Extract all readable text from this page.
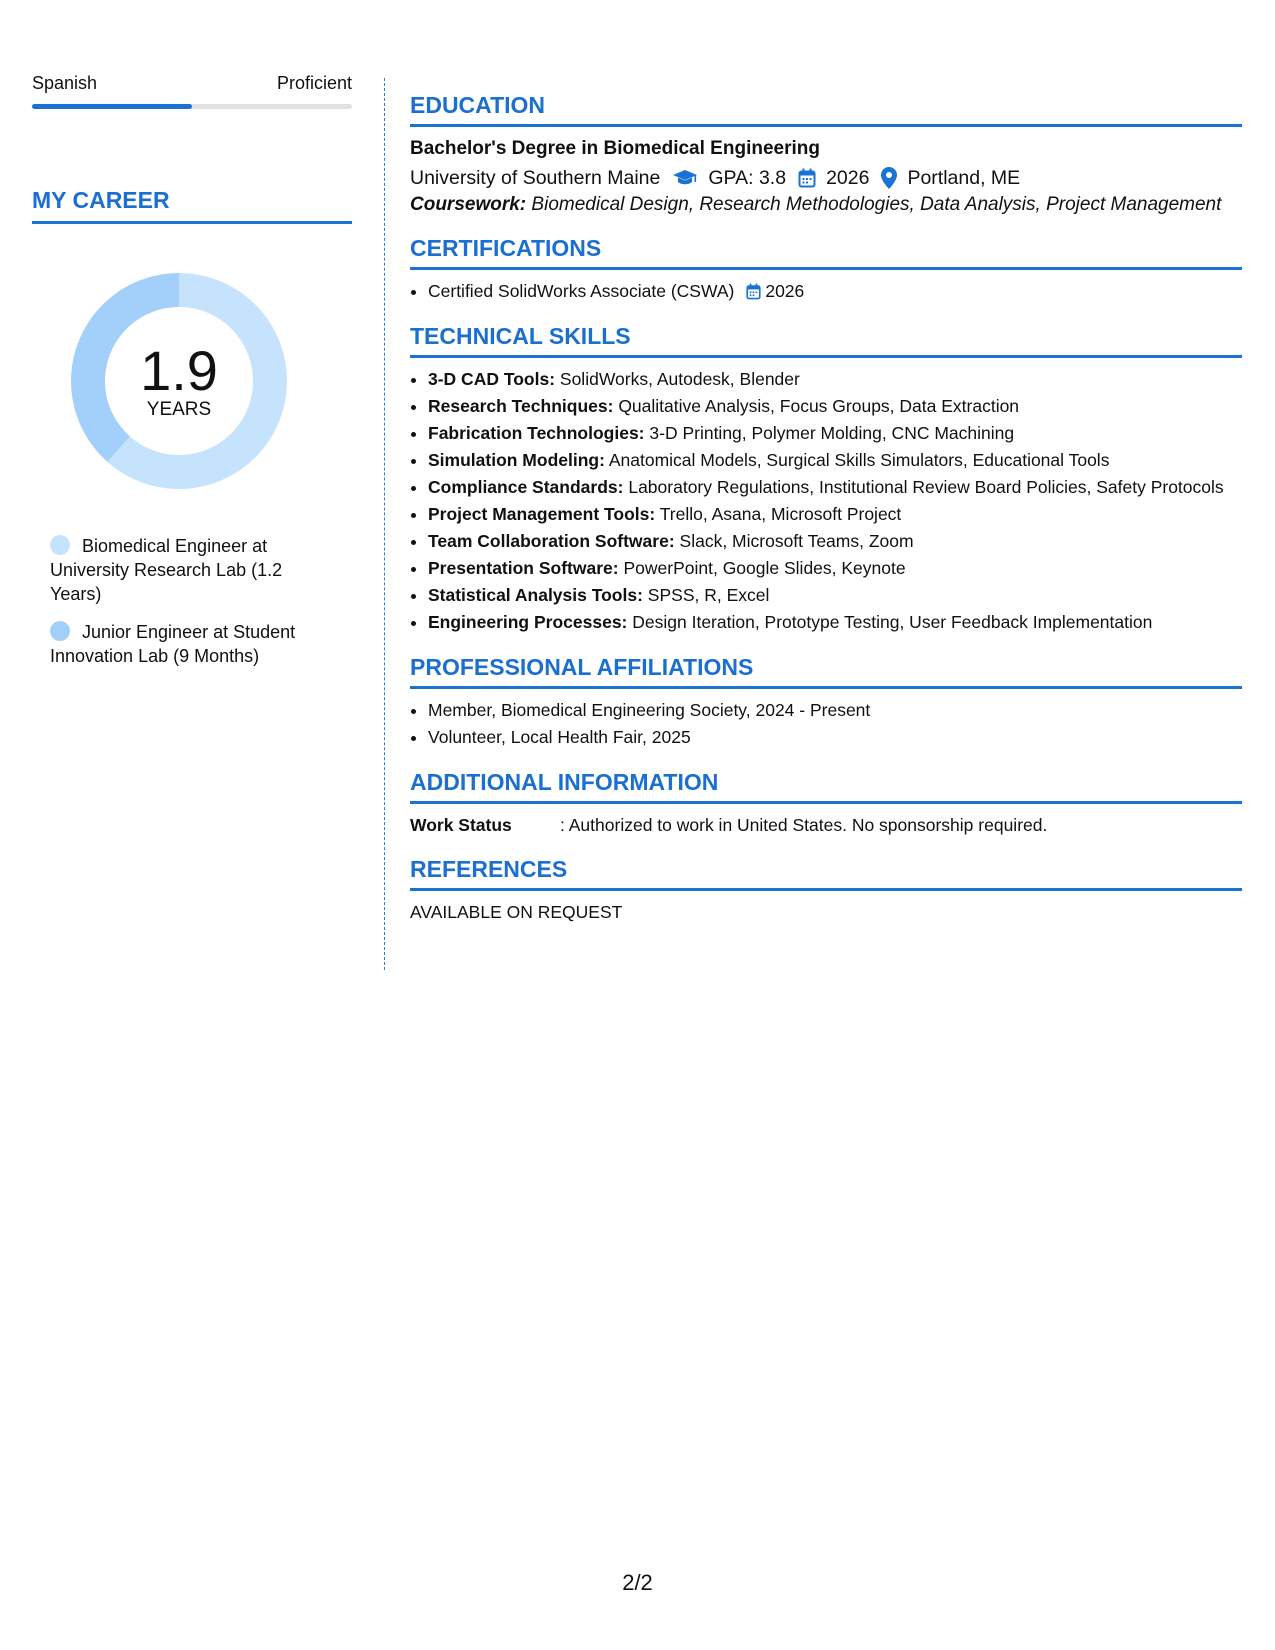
Spanish	Proficient
MY CAREER
1.9
YEARS
Biomedical Engineer at University Research Lab (1.2 Years)
Junior Engineer at Student Innovation Lab (9 Months)
EDUCATION
Bachelor's Degree in Biomedical Engineering
University of Southern Maine GPA: 3.8 2026 Portland, ME
Coursework: Biomedical Design, Research Methodologies, Data Analysis, Project Management
CERTIFICATIONS
• Certified SolidWorks Associate (CSWA) 2026
TECHNICAL SKILLS
• 3-D CAD Tools: SolidWorks, Autodesk, Blender
• Research Techniques: Qualitative Analysis, Focus Groups, Data Extraction
• Fabrication Technologies: 3-D Printing, Polymer Molding, CNC Machining
• Simulation Modeling: Anatomical Models, Surgical Skills Simulators, Educational Tools
• Compliance Standards: Laboratory Regulations, Institutional Review Board Policies, Safety Protocols
• Project Management Tools: Trello, Asana, Microsoft Project
• Team Collaboration Software: Slack, Microsoft Teams, Zoom
• Presentation Software: PowerPoint, Google Slides, Keynote
• Statistical Analysis Tools: SPSS, R, Excel
• Engineering Processes: Design Iteration, Prototype Testing, User Feedback Implementation
PROFESSIONAL AFFILIATIONS
• Member, Biomedical Engineering Society, 2024 - Present
• Volunteer, Local Health Fair, 2025
ADDITIONAL INFORMATION
Work Status	: Authorized to work in United States. No sponsorship required.
REFERENCES
AVAILABLE ON REQUEST
2/2
